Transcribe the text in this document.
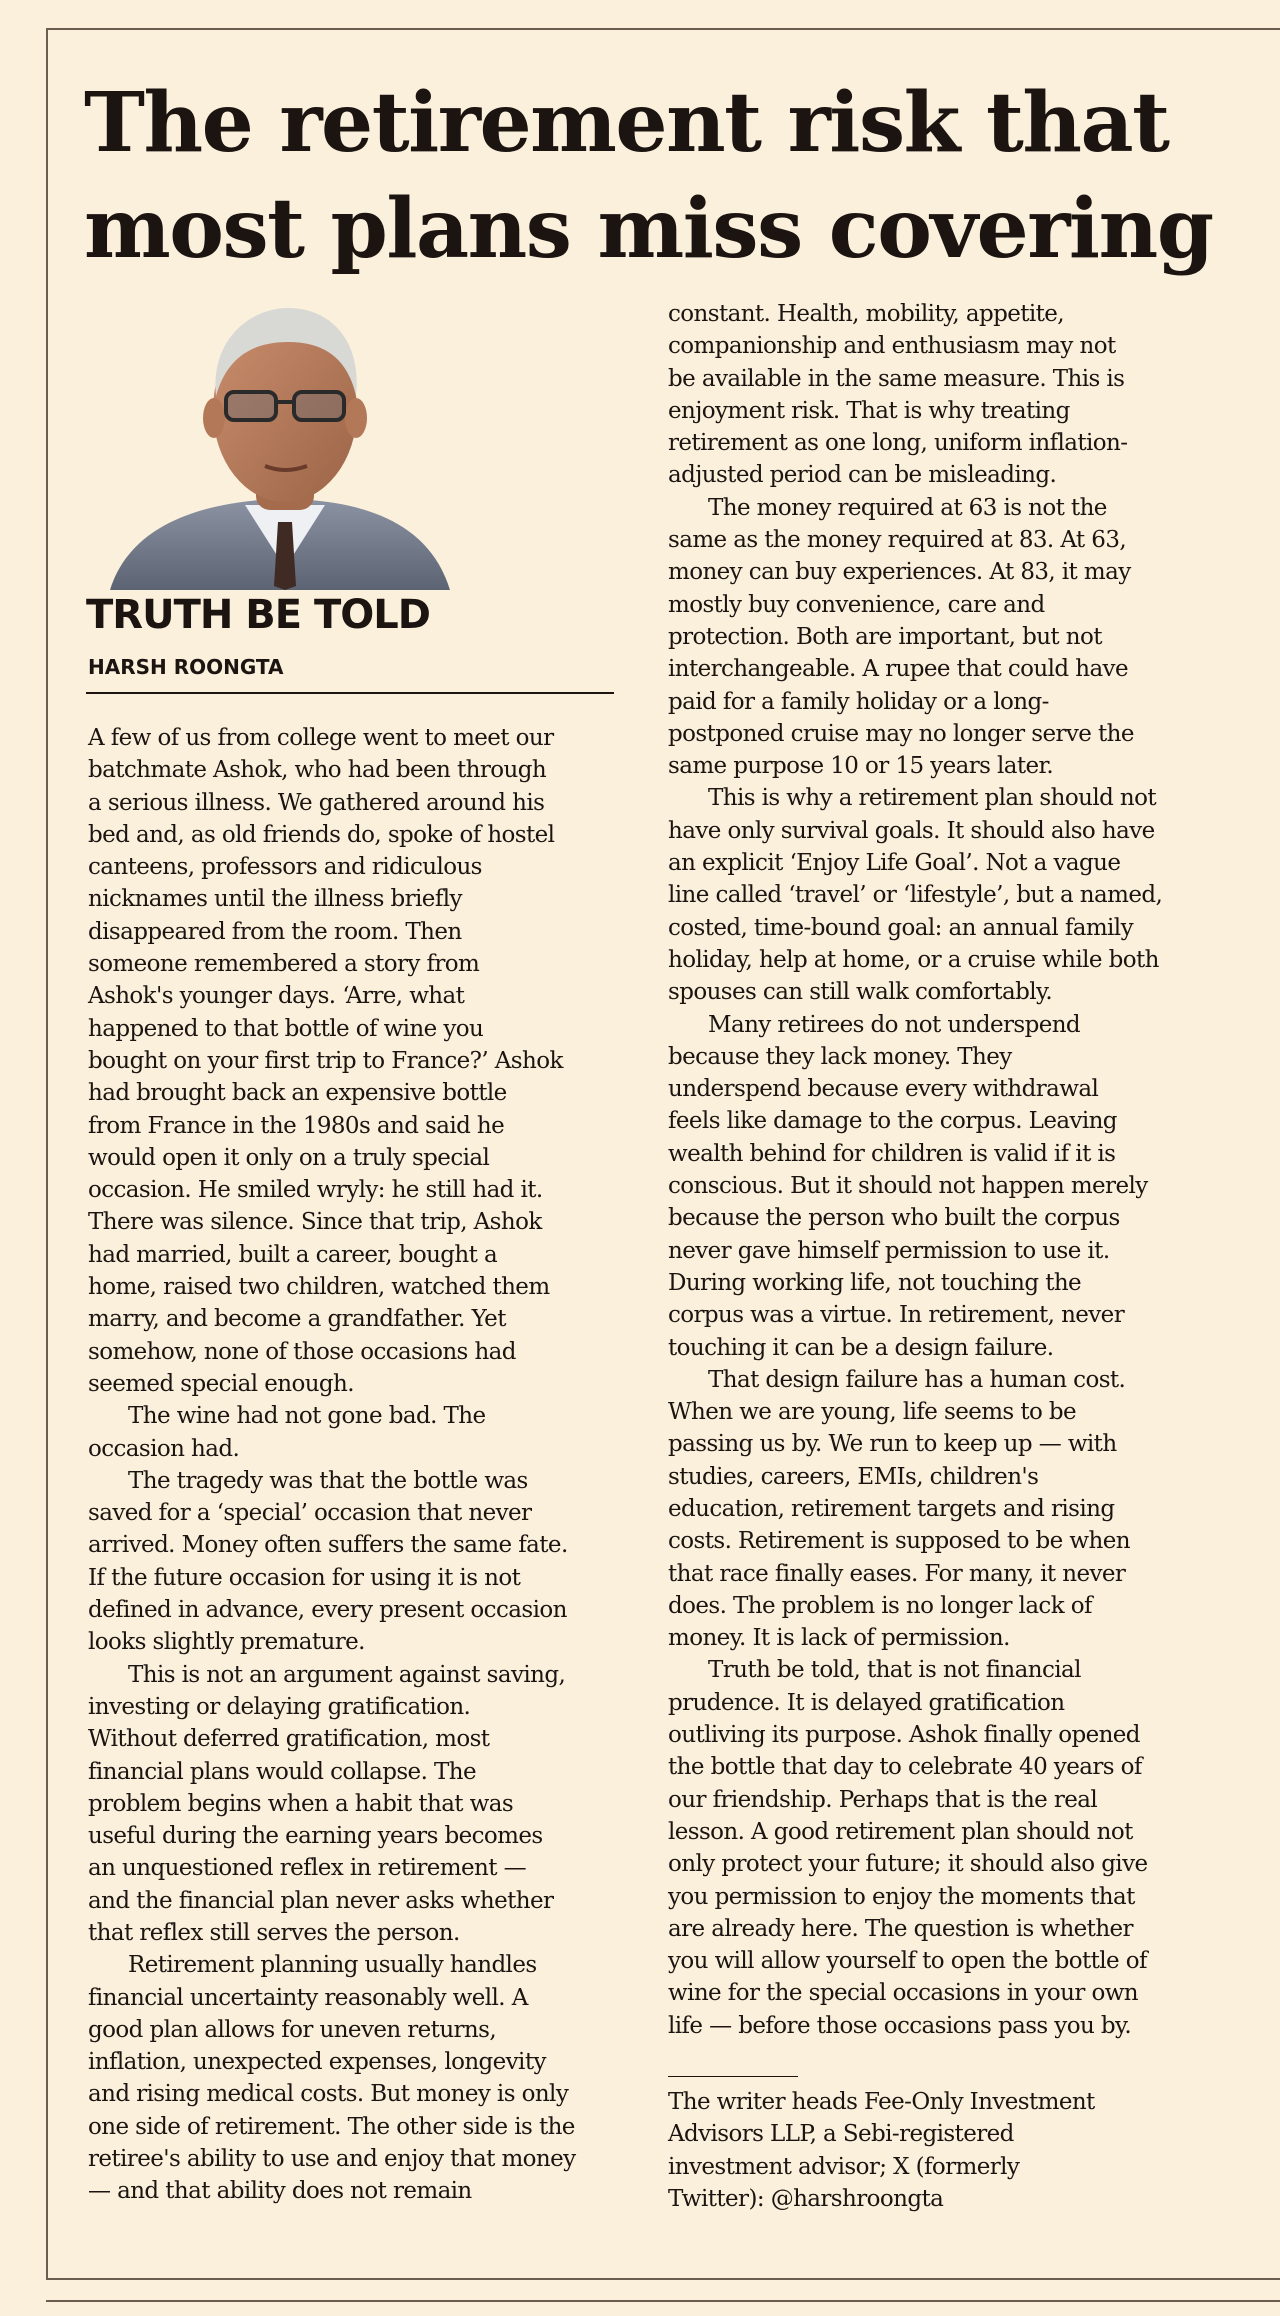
The retirement risk that most plans miss covering
TRUTH BE TOLD

HARSH ROONGTA

A few of us from college went to meet our
batchmate Ashok, who had been through
a serious illness. We gathered around his
bed and, as old friends do, spoke of hostel
canteens, professors and ridiculous
nicknames until the illness briefly
disappeared from the room. Then
someone remembered a story from
Ashok's younger days. ‘Arre, what
happened to that bottle of wine you
bought on your first trip to France?’ Ashok
had brought back an expensive bottle
from France in the 1980s and said he
would open it only on a truly special
occasion. He smiled wryly: he still had it.
There was silence. Since that trip, Ashok
had married, built a career, bought a
home, raised two children, watched them
marry, and become a grandfather. Yet
somehow, none of those occasions had
seemed special enough.

The wine had not gone bad. The
occasion had.

The tragedy was that the bottle was
saved for a ‘special’ occasion that never
arrived. Money often suffers the same fate.
If the future occasion for using it is not
defined in advance, every present occasion
looks slightly premature.

This is not an argument against saving,
investing or delaying gratification.
Without deferred gratification, most
financial plans would collapse. The
problem begins when a habit that was
useful during the earning years becomes
an unquestioned reflex in retirement —
and the financial plan never asks whether
that reflex still serves the person.

Retirement planning usually handles
financial uncertainty reasonably well. A
good plan allows for uneven returns,
inflation, unexpected expenses, longevity
and rising medical costs. But money is only
one side of retirement. The other side is the
retiree's ability to use and enjoy that money
— and that ability does not remain

constant. Health, mobility, appetite,
companionship and enthusiasm may not
be available in the same measure. This is
enjoyment risk. That is why treating
retirement as one long, uniform inflation-
adjusted period can be misleading.

The money required at 63 is not the
same as the money required at 83. At 63,
money can buy experiences. At 83, it may
mostly buy convenience, care and
protection. Both are important, but not
interchangeable. A rupee that could have
paid for a family holiday or a long-
postponed cruise may no longer serve the
same purpose 10 or 15 years later.

This is why a retirement plan should not
have only survival goals. It should also have
an explicit ‘Enjoy Life Goal’. Not a vague
line called ‘travel’ or ‘lifestyle’, but a named,
costed, time-bound goal: an annual family
holiday, help at home, or a cruise while both
spouses can still walk comfortably.

Many retirees do not underspend
because they lack money. They
underspend because every withdrawal
feels like damage to the corpus. Leaving
wealth behind for children is valid if it is
conscious. But it should not happen merely
because the person who built the corpus
never gave himself permission to use it.
During working life, not touching the
corpus was a virtue. In retirement, never
touching it can be a design failure.

That design failure has a human cost.
When we are young, life seems to be
passing us by. We run to keep up — with
studies, careers, EMIs, children's
education, retirement targets and rising
costs. Retirement is supposed to be when
that race finally eases. For many, it never
does. The problem is no longer lack of
money. It is lack of permission.

Truth be told, that is not financial
prudence. It is delayed gratification
outliving its purpose. Ashok finally opened
the bottle that day to celebrate 40 years of
our friendship. Perhaps that is the real
lesson. A good retirement plan should not
only protect your future; it should also give
you permission to enjoy the moments that
are already here. The question is whether
you will allow yourself to open the bottle of
wine for the special occasions in your own
life — before those occasions pass you by.

The writer heads Fee-Only Investment
Advisors LLP, a Sebi-registered
investment advisor; X (formerly
Twitter): @harshroongta
